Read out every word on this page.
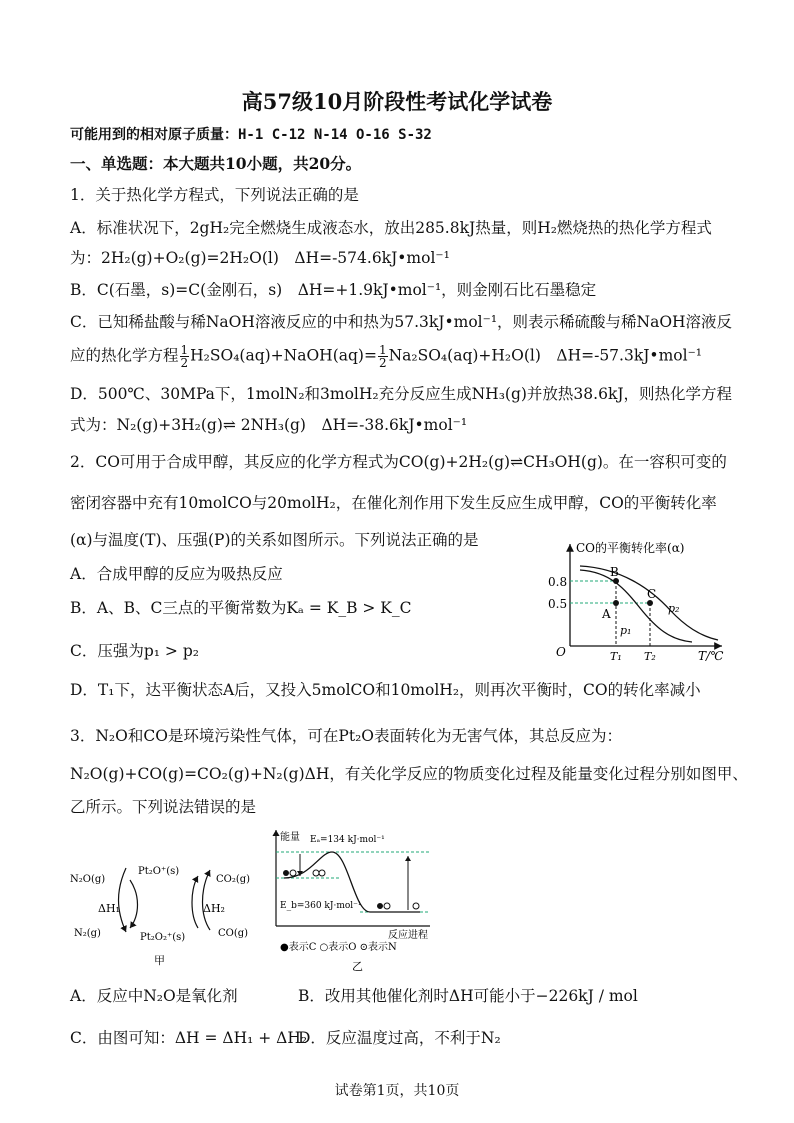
高57级10月阶段性考试化学试卷
可能用到的相对原子质量：H-1 C-12 N-14 O-16 S-32
一、单选题：本大题共10小题，共20分。
1．关于热化学方程式，下列说法正确的是
A．标准状况下，2gH₂完全燃烧生成液态水，放出285.8kJ热量，则H₂燃烧热的热化学方程式
为：2H₂(g)+O₂(g)=2H₂O(l)　ΔH=-574.6kJ•mol⁻¹
B．C(石墨，s)=C(金刚石，s)　ΔH=+1.9kJ•mol⁻¹，则金刚石比石墨稳定
C．已知稀盐酸与稀NaOH溶液反应的中和热为57.3kJ•mol⁻¹，则表示稀硫酸与稀NaOH溶液反
应的热化学方程 $\frac{1}{2}$ H₂SO₄(aq)+NaOH(aq)= $\frac{1}{2} Na_2SO_4(aq)+H_2O(l)$　ΔH=-57.3kJ•mol⁻¹
D．500℃、30MPa下，1molN₂和3molH₂充分反应生成NH₃(g)并放热38.6kJ，则热化学方程
式为：N₂(g)+3H₂(g)⇌ 2NH₃(g)　ΔH=-38.6kJ•mol⁻¹
2．CO可用于合成甲醇，其反应的化学方程式为CO(g)+2H₂(g)⇌CH₃OH(g)。在一容积可变的
密闭容器中充有10molCO与20molH₂，在催化剂作用下发生反应生成甲醇，CO的平衡转化率
(α)与温度(T)、压强(P)的关系如图所示。下列说法正确的是
A．合成甲醇的反应为吸热反应
B．A、B、C三点的平衡常数为Kₐ = K_B > K_C
C．压强为p₁ > p₂
D．T₁下，达平衡状态A后，又投入5molCO和10molH₂，则再次平衡时，CO的转化率减小
CO的平衡转化率(α)
T/℃
O
0.8
0.5
B
A
C
p₁
p₂
T₁ T₂
3．N₂O和CO是环境污染性气体，可在Pt₂O表面转化为无害气体，其总反应为：
N₂O(g)+CO(g)=CO₂(g)+N₂(g)ΔH，有关化学反应的物质变化过程及能量变化过程分别如图甲、
乙所示。下列说法错误的是
N₂O(g)
N₂(g)
Pt₂O⁺(s)
Pt₂O₂⁺(s)
CO₂(g)
CO(g)
ΔH₁	ΔH₂
甲
能量 Eₐ=134 kJ·mol⁻¹
E_b=360 kJ·mol⁻¹
反应进程
●表示C ○表示O ⊙表示N
乙
A．反应中N₂O是氧化剂	B．改用其他催化剂时ΔH可能小于−226kJ / mol
C．由图可知：ΔH = ΔH₁ + ΔH₂
D．反应温度过高，不利于N₂
试卷第1页，共10页
